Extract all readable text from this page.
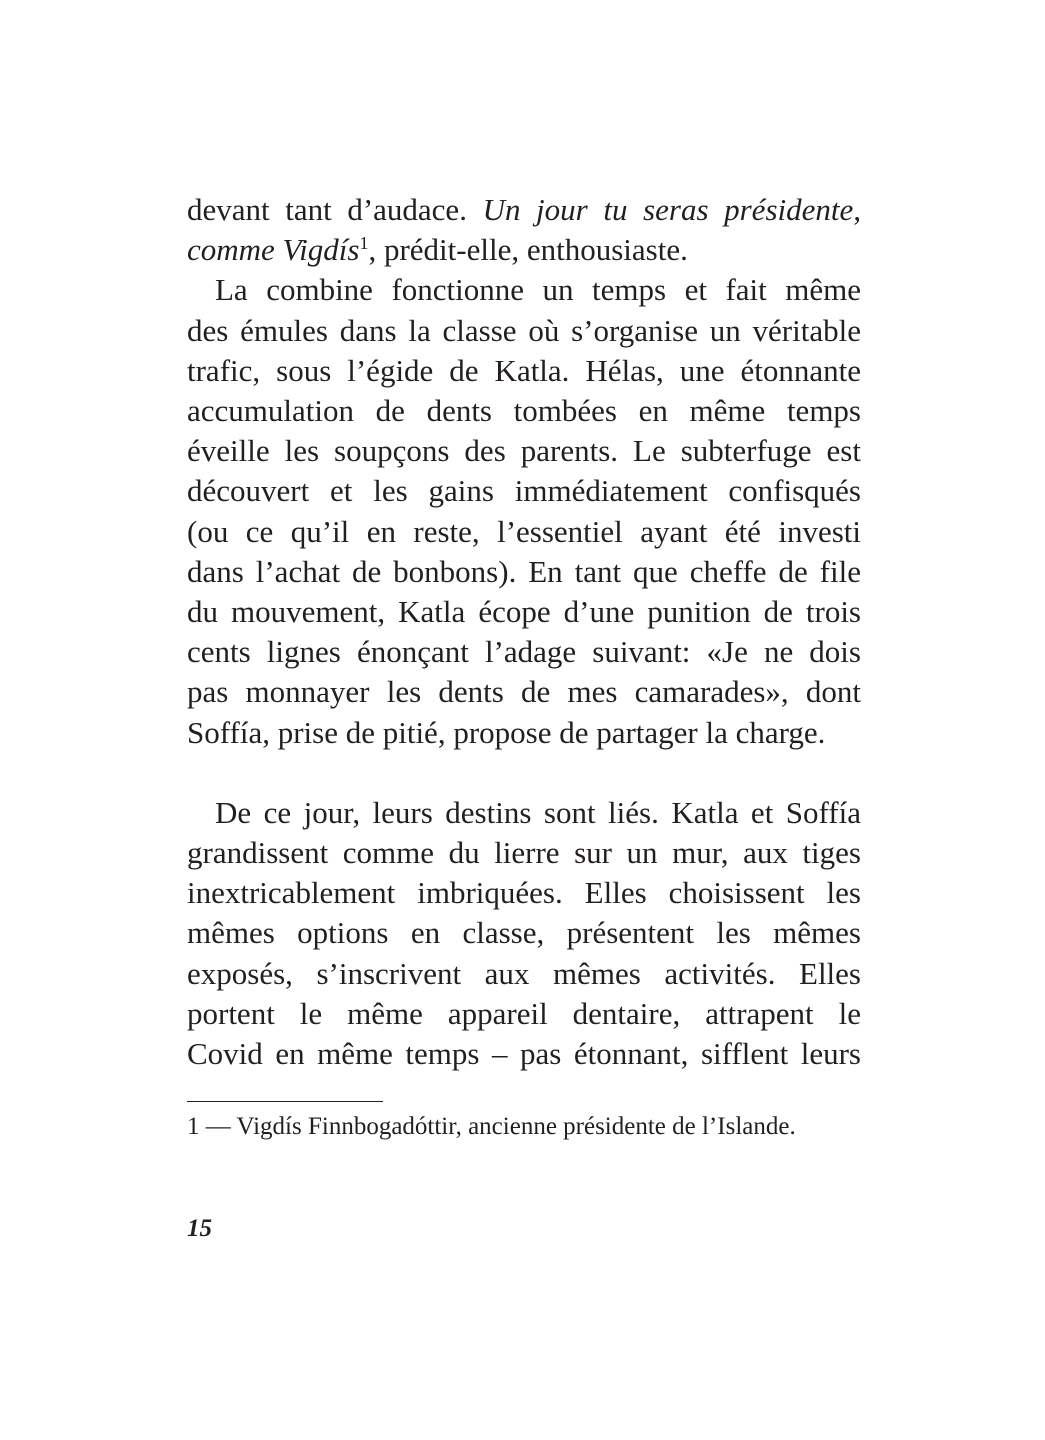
devant tant d’audace. Un jour tu seras présidente,
comme Vigdís$^1$, prédit-elle, enthousiaste.

La combine fonctionne un temps et fait même
des émules dans la classe où s’organise un véritable
trafic, sous l’égide de Katla. Hélas, une étonnante
accumulation de dents tombées en même temps
éveille les soupçons des parents. Le subterfuge est
découvert et les gains immédiatement confisqués
(ou ce qu’il en reste, l’essentiel ayant été investi
dans l’achat de bonbons). En tant que cheffe de file
du mouvement, Katla écope d’une punition de trois
cents lignes énonçant l’adage suivant: «Je ne dois
pas monnayer les dents de mes camarades», dont
Soffía, prise de pitié, propose de partager la charge.

De ce jour, leurs destins sont liés. Katla et Soffía
grandissent comme du lierre sur un mur, aux tiges
inextricablement imbriquées. Elles choisissent les
mêmes options en classe, présentent les mêmes
exposés, s’inscrivent aux mêmes activités. Elles
portent le même appareil dentaire, attrapent le
Covid en même temps – pas étonnant, sifflent leurs

1 — Vigdís Finnbogadóttir, ancienne présidente de l’Islande.
15
